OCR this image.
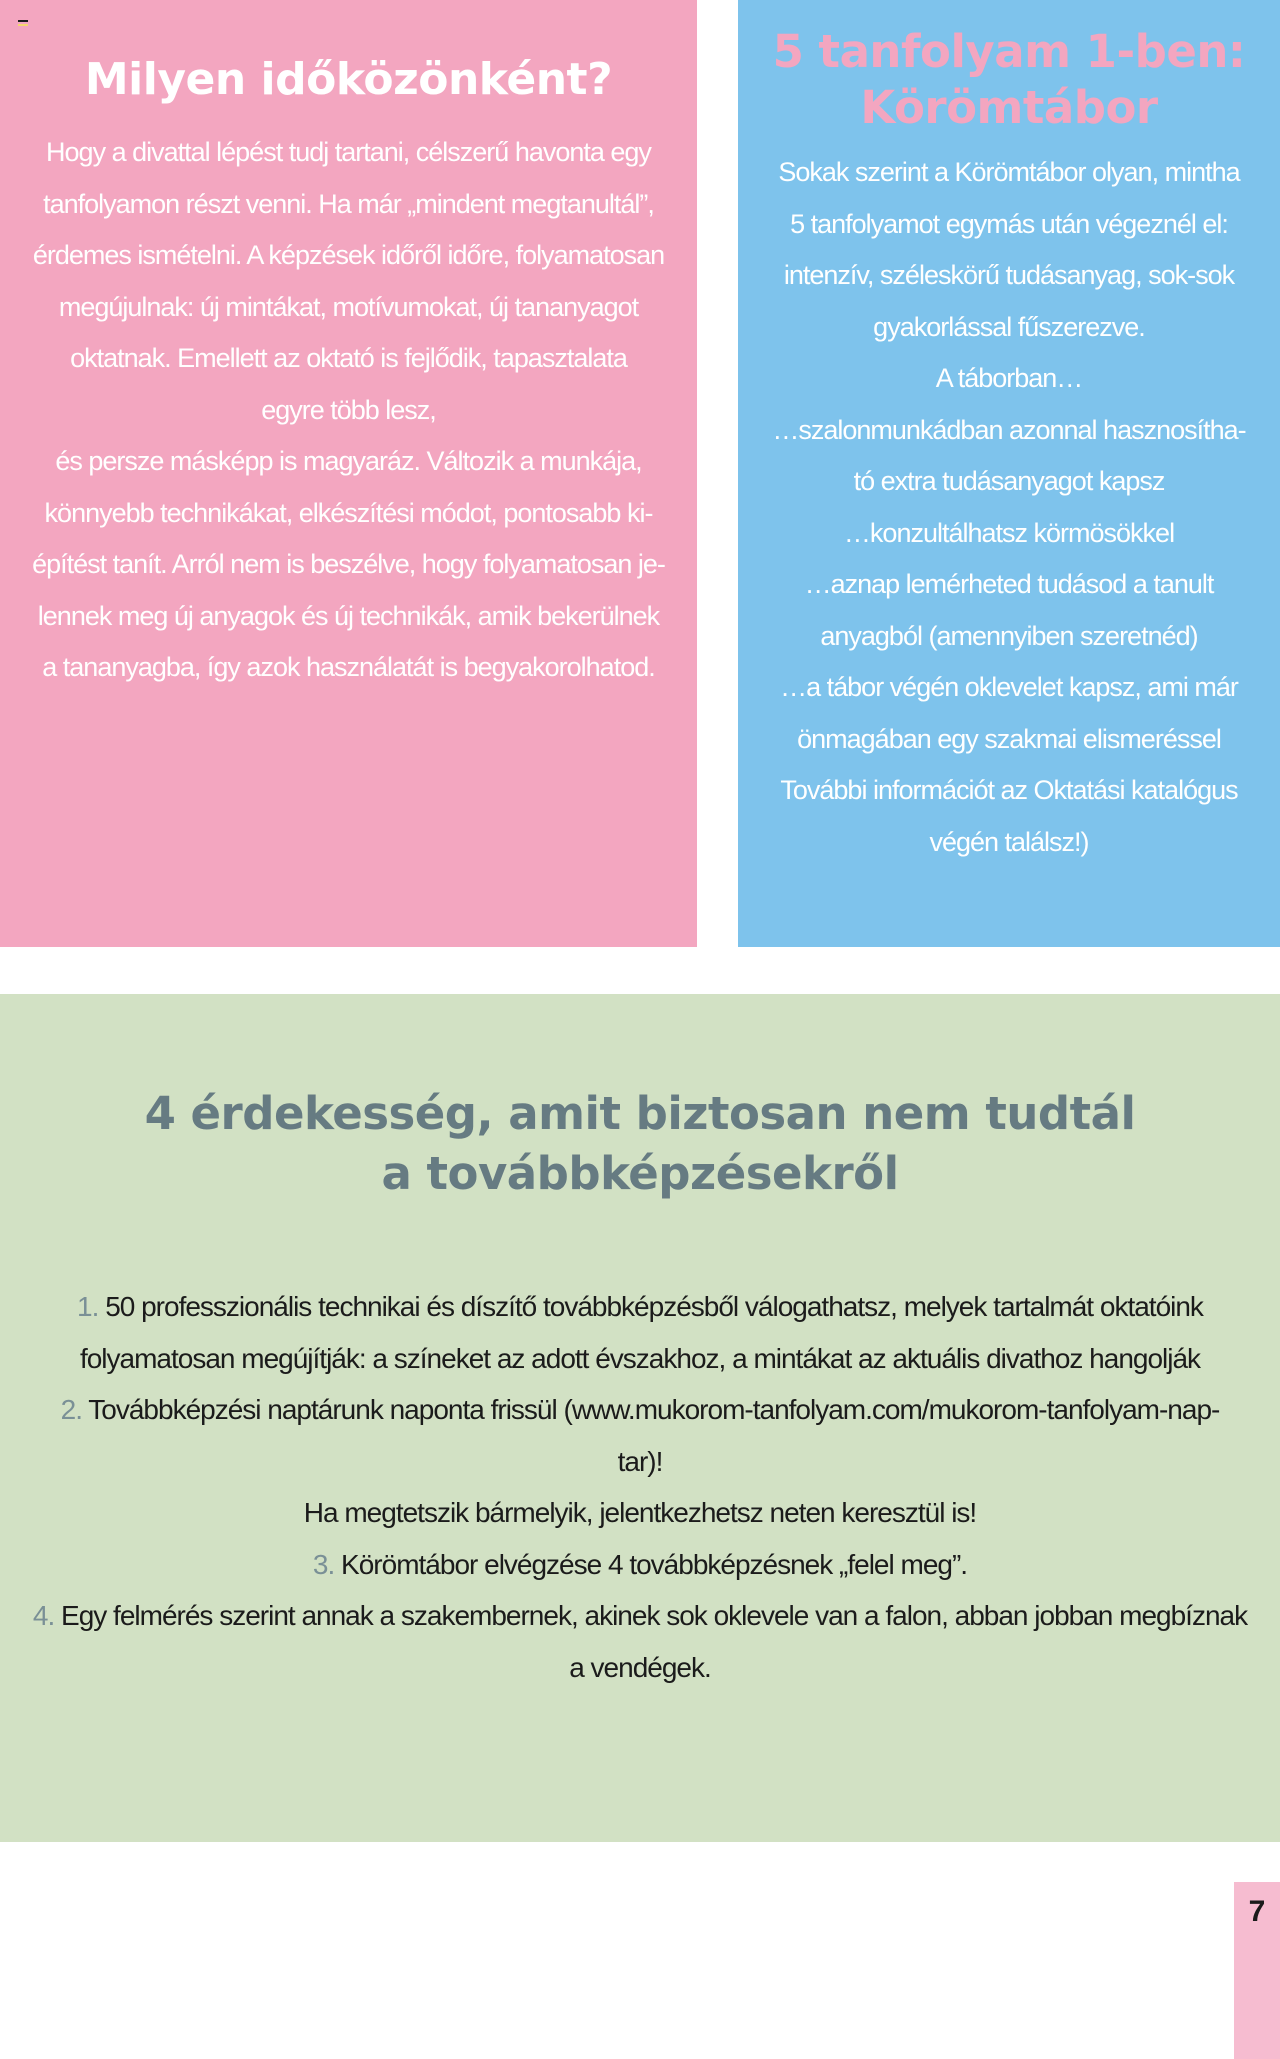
Milyen időközönként?

Hogy a divattal lépést tudj tartani, célszerű havonta egy
tanfolyamon részt venni. Ha már „mindent megtanultál”,
érdemes ismételni. A képzések időről időre, folyamatosan
megújulnak: új mintákat, motívumokat, új tananyagot
oktatnak. Emellett az oktató is fejlődik, tapasztalata
egyre több lesz,
és persze másképp is magyaráz. Változik a munkája,
könnyebb technikákat, elkészítési módot, pontosabb ki-
építést tanít. Arról nem is beszélve, hogy folyamatosan je-
lennek meg új anyagok és új technikák, amik bekerülnek
a tananyagba, így azok használatát is begyakorolhatod.

5 tanfolyam 1-ben:
Körömtábor

Sokak szerint a Körömtábor olyan, mintha
5 tanfolyamot egymás után végeznél el:
intenzív, széleskörű tudásanyag, sok-sok
gyakorlással fűszerezve.
A táborban…
…szalonmunkádban azonnal hasznosítha-
tó extra tudásanyagot kapsz
…konzultálhatsz körmösökkel
…aznap lemérheted tudásod a tanult
anyagból (amennyiben szeretnéd)
…a tábor végén oklevelet kapsz, ami már
önmagában egy szakmai elismeréssel
További információt az Oktatási katalógus
végén találsz!)

4 érdekesség, amit biztosan nem tudtál
a továbbképzésekről
1. 50 professzionális technikai és díszítő továbbképzésből válogathatsz, melyek tartalmát oktatóink
folyamatosan megújítják: a színeket az adott évszakhoz, a mintákat az aktuális divathoz hangolják
2. Továbbképzési naptárunk naponta frissül (www.mukorom-tanfolyam.com/mukorom-tanfolyam-nap-
tar)!
Ha megtetszik bármelyik, jelentkezhetsz neten keresztül is!
3. Körömtábor elvégzése 4 továbbképzésnek „felel meg”.
4. Egy felmérés szerint annak a szakembernek, akinek sok oklevele van a falon, abban jobban megbíznak
a vendégek.
7
